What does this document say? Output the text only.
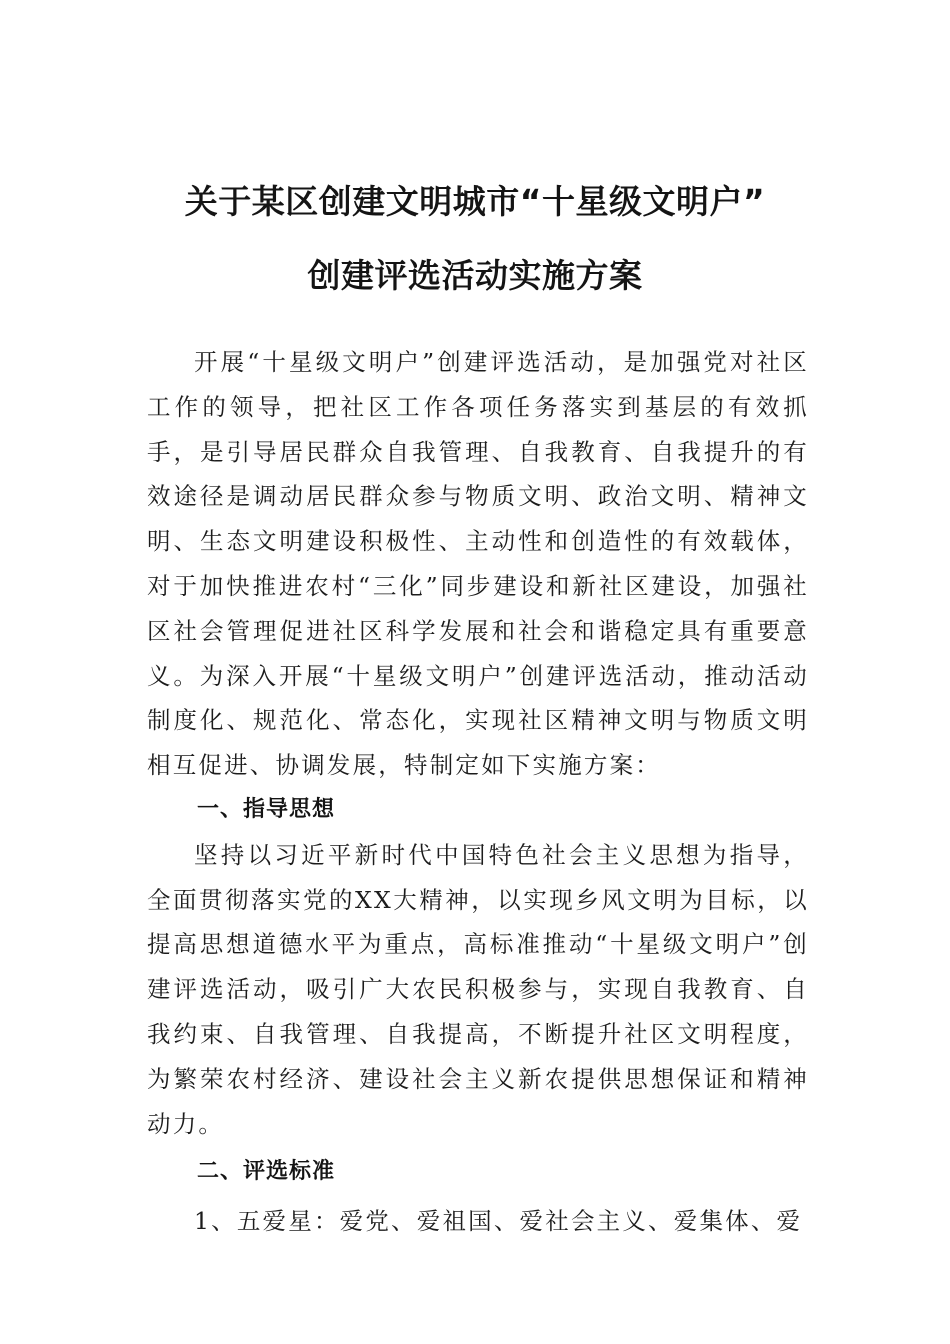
关于某区创建文明城市“十星级文明户”
创建评选活动实施方案

开展“十星级文明户”创建评选活动，是加强党对社区工作的领导，把社区工作各项任务落实到基层的有效抓手，是引导居民群众自我管理、自我教育、自我提升的有效途径是调动居民群众参与物质文明、政治文明、精神文明、生态文明建设积极性、主动性和创造性的有效载体，对于加快推进农村“三化”同步建设和新社区建设，加强社区社会管理促进社区科学发展和社会和谐稳定具有重要意义。为深入开展“十星级文明户”创建评选活动，推动活动制度化、规范化、常态化，实现社区精神文明与物质文明相互促进、协调发展，特制定如下实施方案：

一、指导思想

坚持以习近平新时代中国特色社会主义思想为指导，全面贯彻落实党的XX大精神，以实现乡风文明为目标，以提高思想道德水平为重点，高标准推动“十星级文明户”创建评选活动，吸引广大农民积极参与，实现自我教育、自我约束、自我管理、自我提高，不断提升社区文明程度，为繁荣农村经济、建设社会主义新农提供思想保证和精神动力。

二、评选标准

1、五爱星：爱党、爱祖国、爱社会主义、爱集体、爱
